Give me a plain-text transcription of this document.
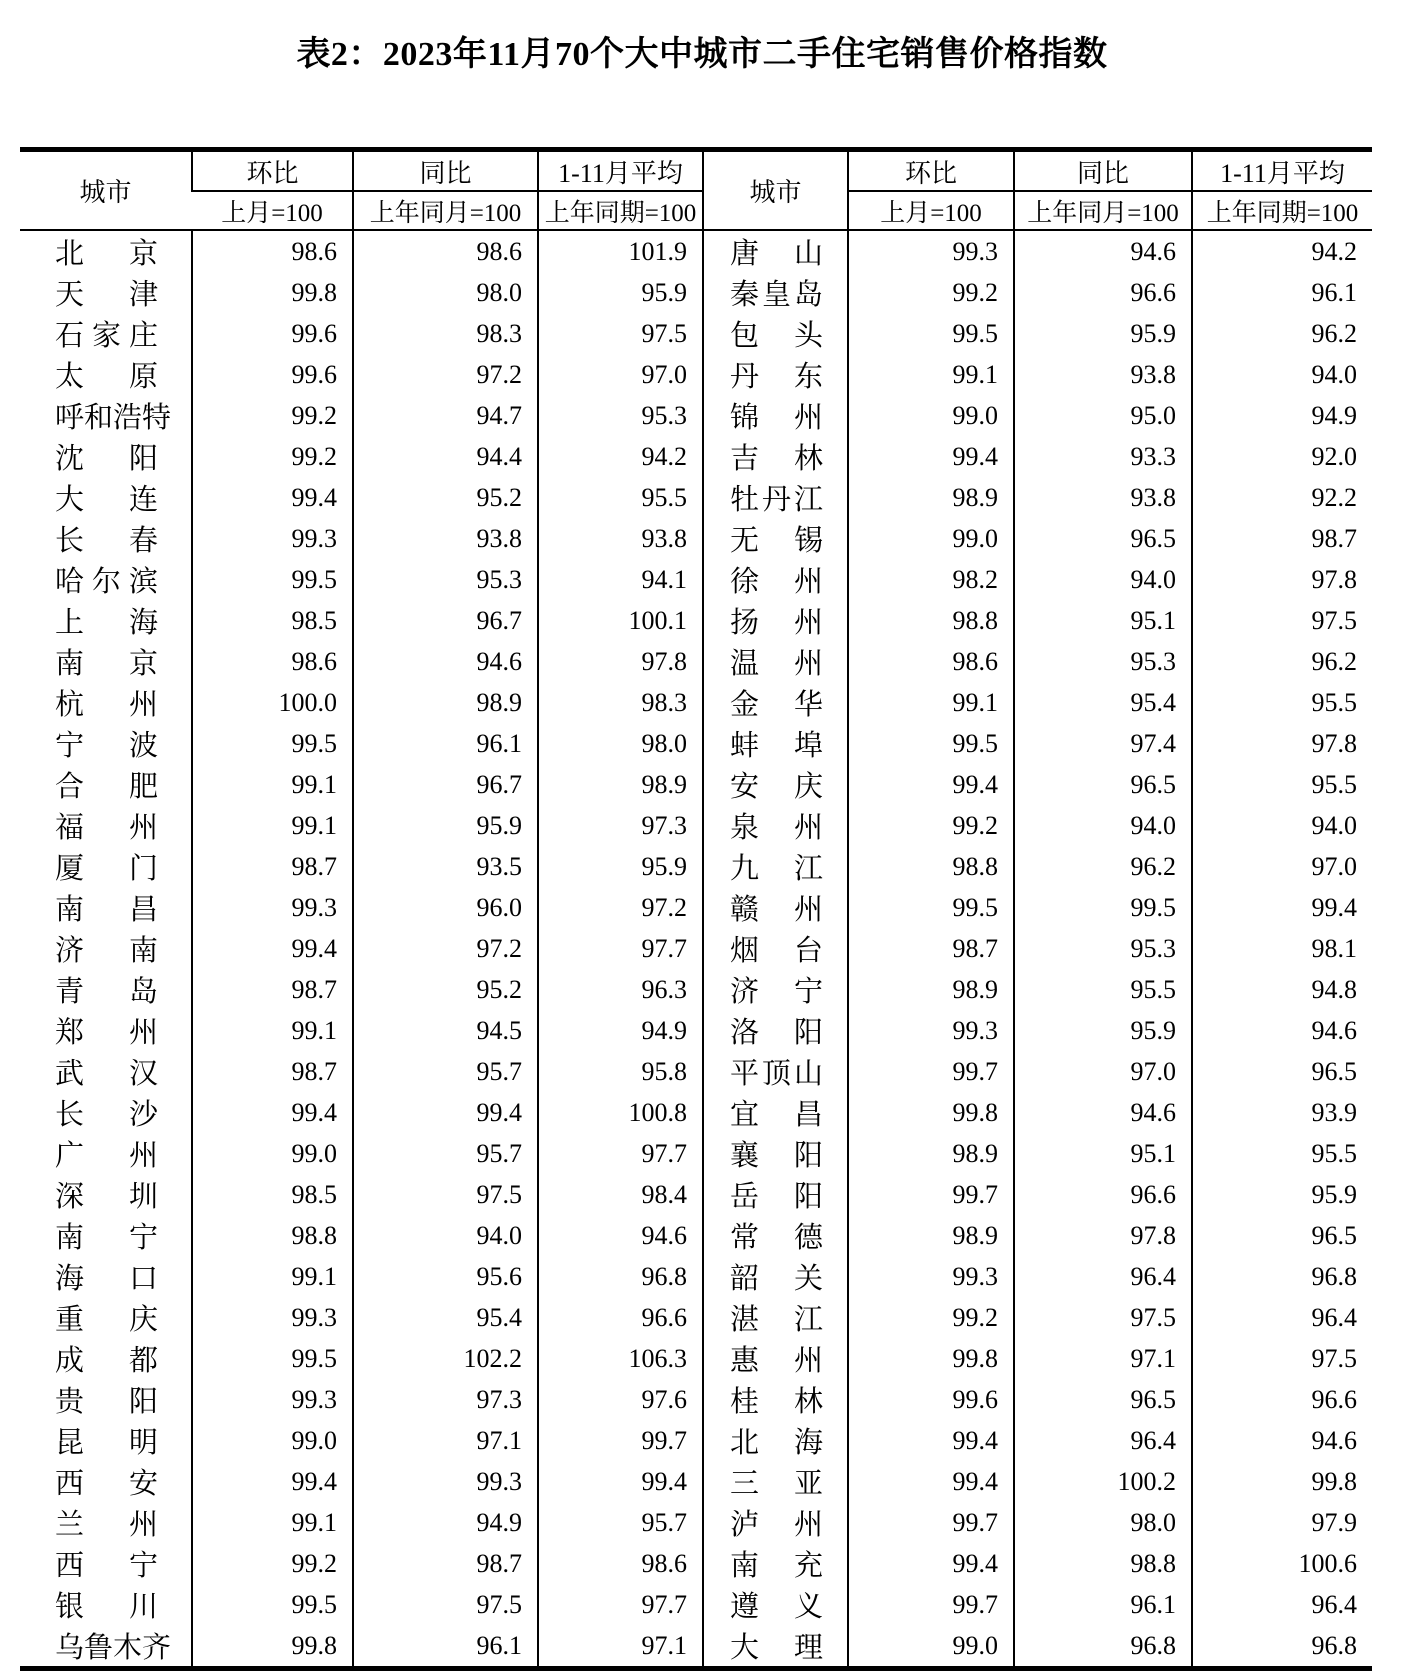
表2：2023年11月70个大中城市二手住宅销售价格指数
城市	环比	同比	1-11月平均	城市	环比	同比	1-11月平均
	上月=100	上年同月=100	上年同期=100		上月=100	上年同月=100	上年同期=100

北 京	98.6	98.6	101.9	唐 山	99.3	94.6	94.2

天 津	99.8	98.0	95.9	秦 皇 岛	99.2	96.6	96.1

石 家 庄	99.6	98.3	97.5	包 头	99.5	95.9	96.2

太 原	99.6	97.2	97.0	丹 东	99.1	93.8	94.0

呼 和 浩 特	99.2	94.7	95.3	锦 州	99.0	95.0	94.9

沈 阳	99.2	94.4	94.2	吉 林	99.4	93.3	92.0

大 连	99.4	95.2	95.5	牡 丹 江	98.9	93.8	92.2

长 春	99.3	93.8	93.8	无 锡	99.0	96.5	98.7

哈 尔 滨	99.5	95.3	94.1	徐 州	98.2	94.0	97.8

上 海	98.5	96.7	100.1	扬 州	98.8	95.1	97.5

南 京	98.6	94.6	97.8	温 州	98.6	95.3	96.2

杭 州	100.0	98.9	98.3	金 华	99.1	95.4	95.5

宁 波	99.5	96.1	98.0	蚌 埠	99.5	97.4	97.8

合 肥	99.1	96.7	98.9	安 庆	99.4	96.5	95.5

福 州	99.1	95.9	97.3	泉 州	99.2	94.0	94.0

厦 门	98.7	93.5	95.9	九 江	98.8	96.2	97.0

南 昌	99.3	96.0	97.2	赣 州	99.5	99.5	99.4

济 南	99.4	97.2	97.7	烟 台	98.7	95.3	98.1

青 岛	98.7	95.2	96.3	济 宁	98.9	95.5	94.8

郑 州	99.1	94.5	94.9	洛 阳	99.3	95.9	94.6

武 汉	98.7	95.7	95.8	平 顶 山	99.7	97.0	96.5

长 沙	99.4	99.4	100.8	宜 昌	99.8	94.6	93.9

广 州	99.0	95.7	97.7	襄 阳	98.9	95.1	95.5

深 圳	98.5	97.5	98.4	岳 阳	99.7	96.6	95.9

南 宁	98.8	94.0	94.6	常 德	98.9	97.8	96.5

海 口	99.1	95.6	96.8	韶 关	99.3	96.4	96.8

重 庆	99.3	95.4	96.6	湛 江	99.2	97.5	96.4

成 都	99.5	102.2	106.3	惠 州	99.8	97.1	97.5

贵 阳	99.3	97.3	97.6	桂 林	99.6	96.5	96.6

昆 明	99.0	97.1	99.7	北 海	99.4	96.4	94.6

西 安	99.4	99.3	99.4	三 亚	99.4	100.2	99.8

兰 州	99.1	94.9	95.7	泸 州	99.7	98.0	97.9

西 宁	99.2	98.7	98.6	南 充	99.4	98.8	100.6

银 川	99.5	97.5	97.7	遵 义	99.7	96.1	96.4

乌 鲁 木 齐	99.8	96.1	97.1	大 理	99.0	96.8	96.8
